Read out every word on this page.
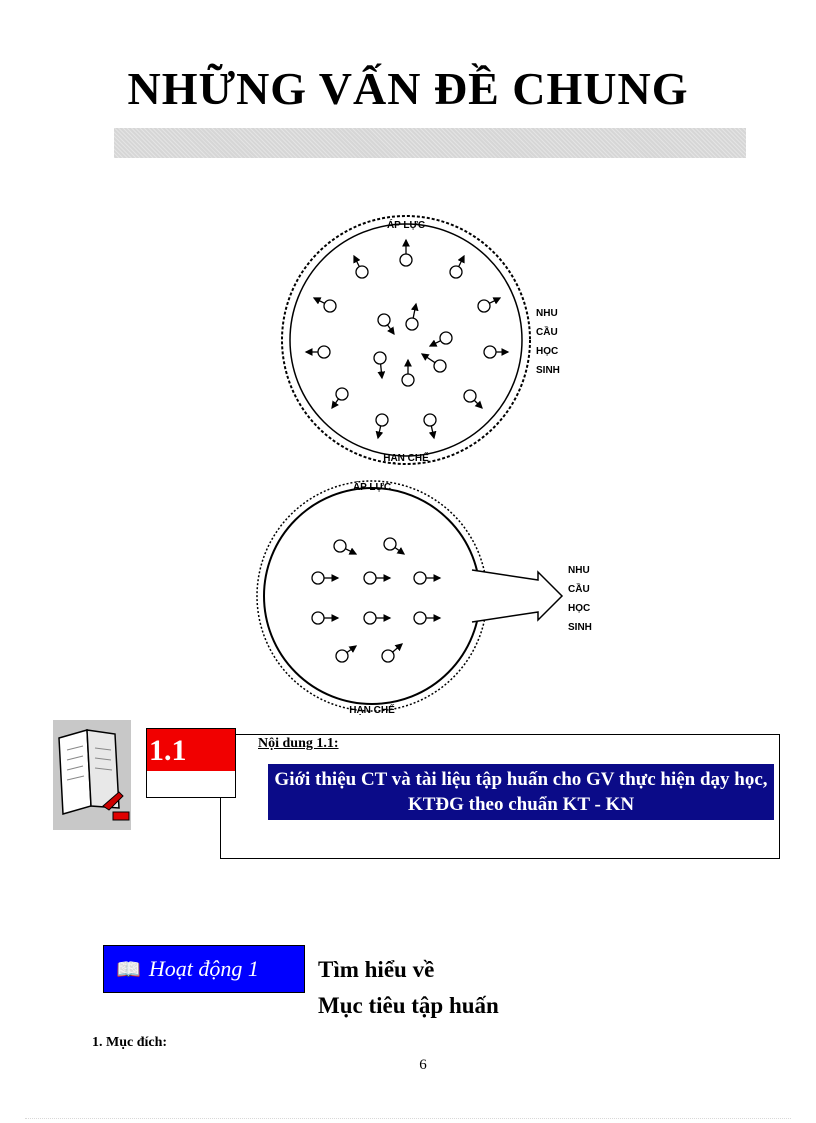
NHỮNG VẤN ĐỀ CHUNG
ÁP LỰC
HẠN CHẾ
NHU
CẦU
HỌC
SINH
ÁP LỰC
HẠN CHẾ
NHU
CẦU
HỌC
SINH
1.1	Nội dung 1.1:
Giới thiệu CT và tài liệu tập huấn cho GV thực hiện dạy học, KTĐG theo chuẩn KT - KN
📖 Hoạt động 1	Tìm hiểu về
Mục tiêu tập huấn
1. Mục đích:
6
